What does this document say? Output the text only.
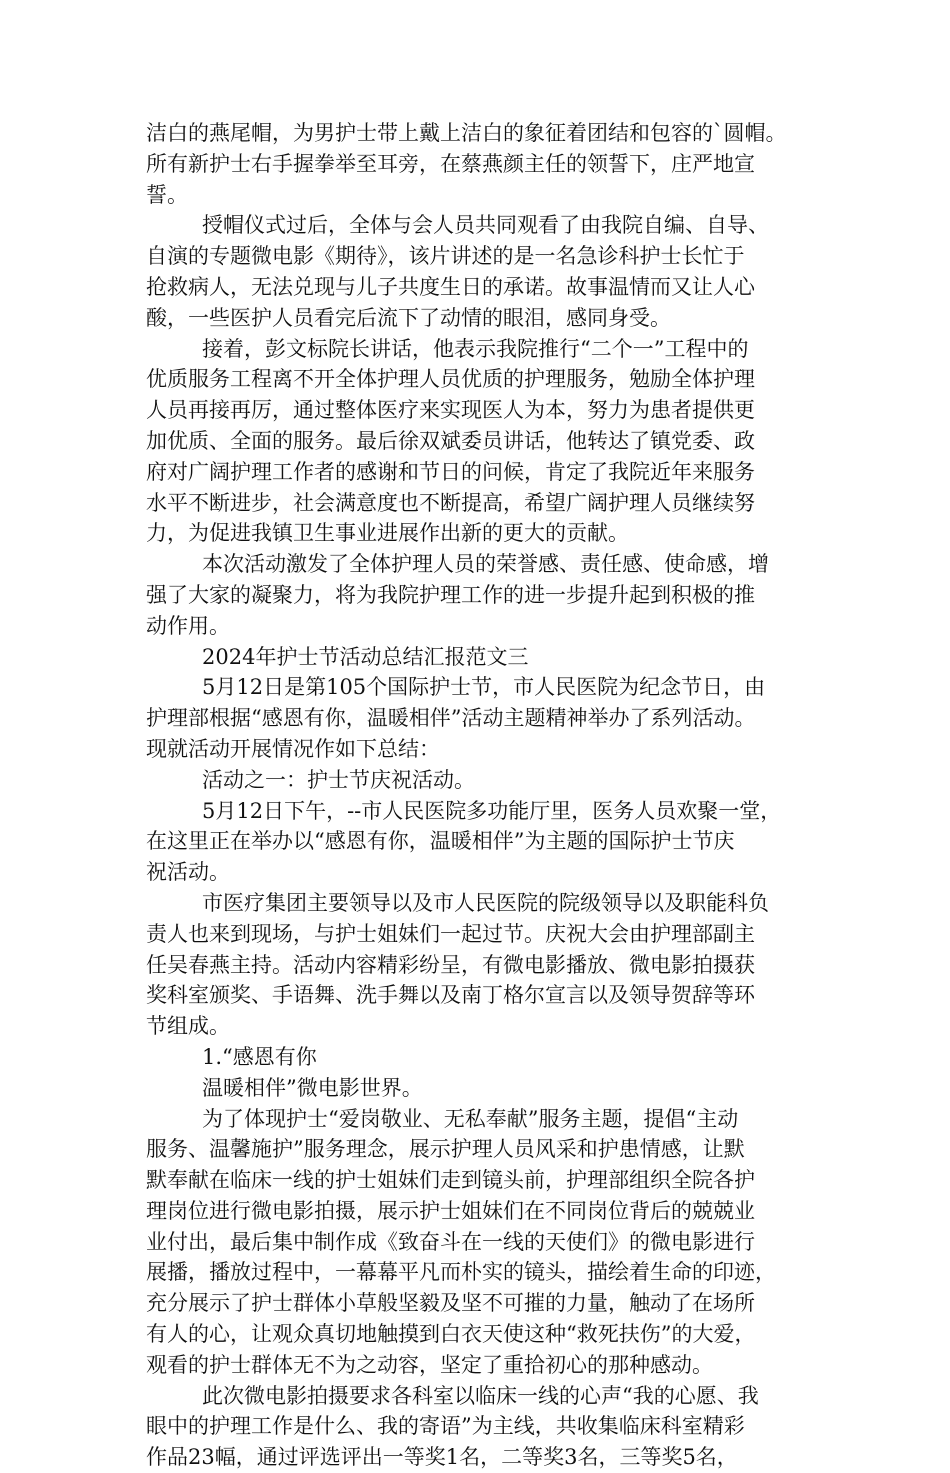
洁白的燕尾帽，为男护士带上戴上洁白的象征着团结和包容的`圆帽。
所有新护士右手握拳举至耳旁，在蔡燕颜主任的领誓下，庄严地宣
誓。
授帽仪式过后，全体与会人员共同观看了由我院自编、自导、
自演的专题微电影《期待》，该片讲述的是一名急诊科护士长忙于
抢救病人，无法兑现与儿子共度生日的承诺。故事温情而又让人心
酸，一些医护人员看完后流下了动情的眼泪，感同身受。
接着，彭文标院长讲话，他表示我院推行“二个一”工程中的
优质服务工程离不开全体护理人员优质的护理服务，勉励全体护理
人员再接再厉，通过整体医疗来实现医人为本，努力为患者提供更
加优质、全面的服务。最后徐双斌委员讲话，他转达了镇党委、政
府对广阔护理工作者的感谢和节日的问候，肯定了我院近年来服务
水平不断进步，社会满意度也不断提高，希望广阔护理人员继续努
力，为促进我镇卫生事业进展作出新的更大的贡献。
本次活动激发了全体护理人员的荣誉感、责任感、使命感，增
强了大家的凝聚力，将为我院护理工作的进一步提升起到积极的推
动作用。
2024年护士节活动总结汇报范文三
5月12日是第105个国际护士节，市人民医院为纪念节日，由
护理部根据“感恩有你，温暖相伴”活动主题精神举办了系列活动。
现就活动开展情况作如下总结：
活动之一：护士节庆祝活动。
5月12日下午，--市人民医院多功能厅里，医务人员欢聚一堂，
在这里正在举办以“感恩有你，温暖相伴”为主题的国际护士节庆
祝活动。
市医疗集团主要领导以及市人民医院的院级领导以及职能科负
责人也来到现场，与护士姐妹们一起过节。庆祝大会由护理部副主
任吴春燕主持。活动内容精彩纷呈，有微电影播放、微电影拍摄获
奖科室颁奖、手语舞、洗手舞以及南丁格尔宣言以及领导贺辞等环
节组成。
1.“感恩有你
温暖相伴”微电影世界。
为了体现护士“爱岗敬业、无私奉献”服务主题，提倡“主动
服务、温馨施护”服务理念，展示护理人员风采和护患情感，让默
默奉献在临床一线的护士姐妹们走到镜头前，护理部组织全院各护
理岗位进行微电影拍摄，展示护士姐妹们在不同岗位背后的兢兢业
业付出，最后集中制作成《致奋斗在一线的天使们》的微电影进行
展播，播放过程中，一幕幕平凡而朴实的镜头，描绘着生命的印迹，
充分展示了护士群体小草般坚毅及坚不可摧的力量，触动了在场所
有人的心，让观众真切地触摸到白衣天使这种“救死扶伤”的大爱，
观看的护士群体无不为之动容，坚定了重拾初心的那种感动。
此次微电影拍摄要求各科室以临床一线的心声“我的心愿、我
眼中的护理工作是什么、我的寄语”为主线，共收集临床科室精彩
作品23幅，通过评选评出一等奖1名，二等奖3名，三等奖5名，
